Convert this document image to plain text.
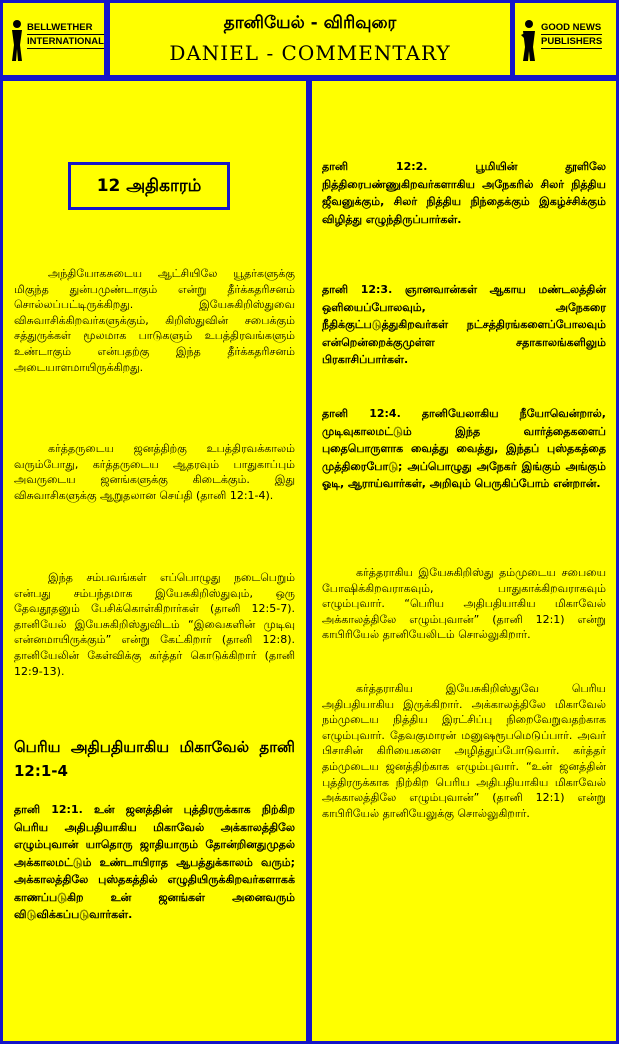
BELLWETHER
INTERNATIONAL
தானியேல் - விரிவுரை
DANIEL - COMMENTARY
GOOD NEWS
PUBLISHERS
12 அதிகாரம்

அந்தியோகசுடைய ஆட்சியிலே யூதர்களுக்கு மிகுந்த துன்பமுண்டாகும் என்று தீர்க்கதரிசனம் சொல்லப்பட்டிருக்கிறது. இயேசுகிறிஸ்துவை விசுவாசிக்கிறவர்களுக்கும், கிறிஸ்துவின் சபைக்கும் சத்துருக்கள் மூலமாக பாடுகளும் உபத்திரவங்களும் உண்டாகும் என்பதற்கு இந்த தீர்க்கதரிசனம் அடையாளமாயிருக்கிறது.

கர்த்தருடைய ஜனத்திற்கு உபத்திரவக்காலம் வரும்போது, கர்த்தருடைய ஆதரவும் பாதுகாப்பும் அவருடைய ஜனங்களுக்கு கிடைக்கும். இது விசுவாசிகளுக்கு ஆறுதலான செய்தி (தானி 12:1-4).

இந்த சம்பவங்கள் எப்பொழுது நடைபெறும் என்பது சம்பந்தமாக இயேசுகிறிஸ்துவும், ஒரு தேவதூதனும் பேசிக்கொள்கிறார்கள் (தானி 12:5-7). தானியேல் இயேசுகிறிஸ்துவிடம் “இவைகளின் முடிவு என்னமாயிருக்கும்” என்று கேட்கிறார் (தானி 12:8). தானியேலின் கேள்விக்கு கர்த்தர் கொடுக்கிறார் (தானி 12:9-13).

பெரிய அதிபதியாகிய மிகாவேல் தானி 12:1-4

தானி 12:1. உன் ஜனத்தின் புத்திரருக்காக நிற்கிற பெரிய அதிபதியாகிய மிகாவேல் அக்காலத்திலே எழும்புவான் யாதொரு ஜாதியாரும் தோன்றினதுமுதல் அக்காலமட்டும் உண்டாயிராத ஆபத்துக்காலம் வரும்; அக்காலத்திலே புஸ்தகத்தில் எழுதியிருக்கிறவர்களாகக் காணப்படுகிற உன் ஜனங்கள் அனைவரும் விடுவிக்கப்படுவார்கள்.

தானி 12:2. பூமியின் தூளிலே நித்திரைபண்ணுகிறவர்களாகிய அநேகரில் சிலர் நித்திய ஜீவனுக்கும், சிலர் நித்திய நிந்தைக்கும் இகழ்ச்சிக்கும் விழித்து எழுந்திருப்பார்கள்.

தானி 12:3. ஞானவான்கள் ஆகாய மண்டலத்தின் ஒளியைப்போலவும், அநேகரை நீதிக்குட்படுத்துகிறவர்கள் நட்சத்திரங்களைப்போலவும் என்றென்றைக்குமுள்ள சதாகாலங்களிலும் பிரகாசிப்பார்கள்.

தானி 12:4. தானியேலாகிய நீயோவென்றால், முடிவுகாலமட்டும் இந்த வார்த்தைகளைப் புதைபொருளாக வைத்து வைத்து, இந்தப் புஸ்தகத்தை முத்திரைபோடு; அப்பொழுது அநேகர் இங்கும் அங்கும் ஓடி, ஆராய்வார்கள், அறிவும் பெருகிப்போம் என்றான்.

கர்த்தராகிய இயேசுகிறிஸ்து தம்முடைய சபையை போஷிக்கிறவராகவும், பாதுகாக்கிறவராகவும் எழும்புவார். “பெரிய அதிபதியாகிய மிகாவேல் அக்காலத்திலே எழும்புவான்” (தானி 12:1) என்று காபிரியேல் தானியேலிடம் சொல்லுகிறார்.

கர்த்தராகிய இயேசுகிறிஸ்துவே பெரிய அதிபதியாகிய இருக்கிறார். அக்காலத்திலே மிகாவேல் நம்முடைய நித்திய இரட்சிப்பு நிறைவேறுவதற்காக எழும்புவார். தேவகுமாரன் மனுஷரூபமெடுப்பார். அவர் பிசாசின் கிரியைகளை அழித்துப்போடுவார். கர்த்தர் தம்முடைய ஜனத்திற்காக எழும்புவார். “உன் ஜனத்தின் புத்திரருக்காக நிற்கிற பெரிய அதிபதியாகிய மிகாவேல் அக்காலத்திலே எழும்புவான்” (தானி 12:1) என்று காபிரியேல் தானியேலுக்கு சொல்லுகிறார்.
